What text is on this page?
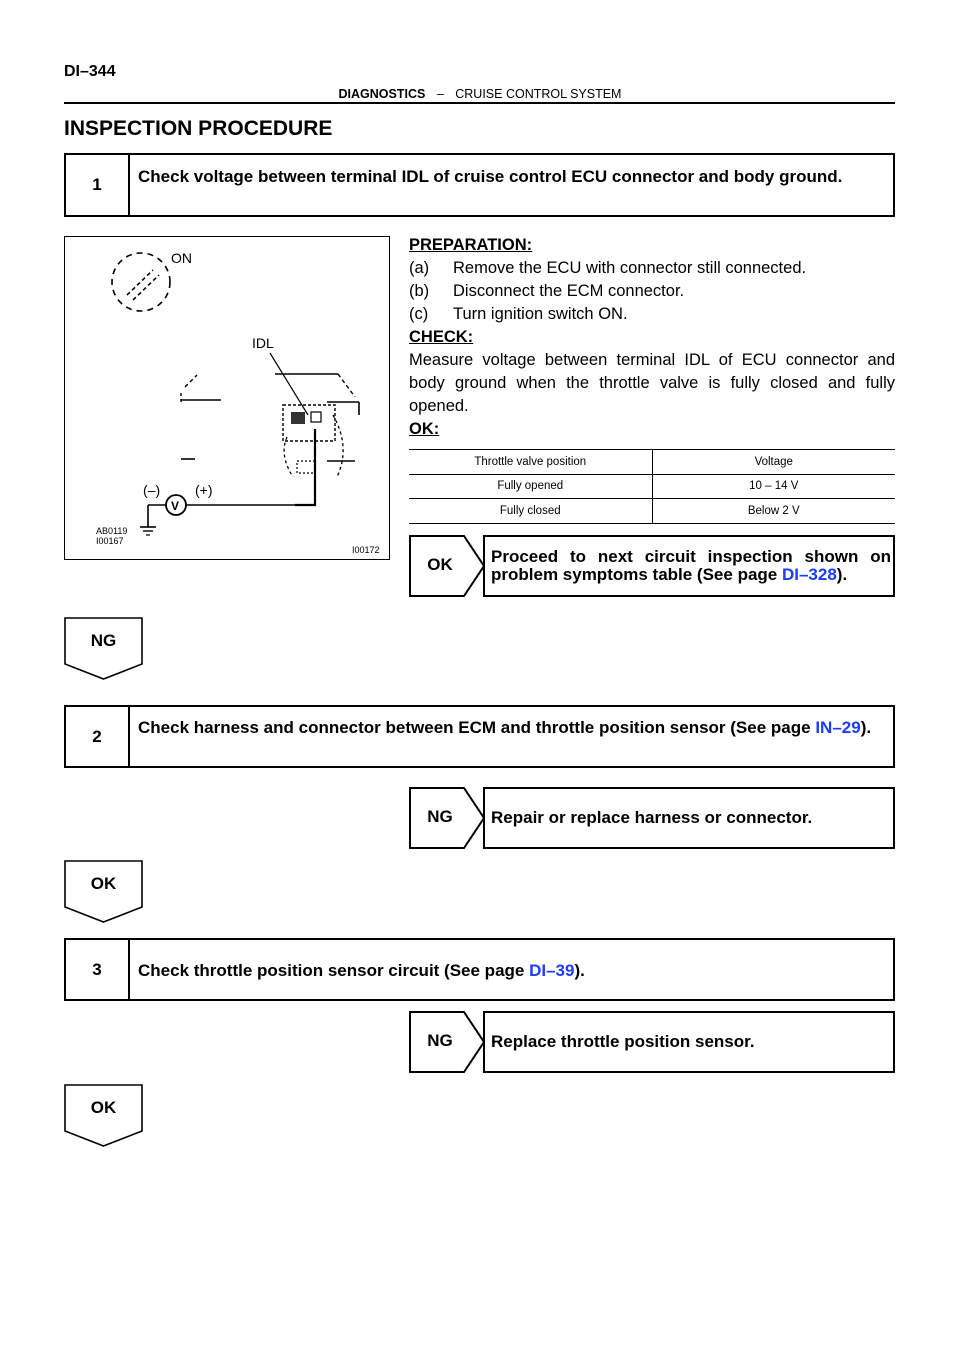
DI–344
DIAGNOSTICS – CRUISE CONTROL SYSTEM
INSPECTION PROCEDURE
1	Check voltage between terminal IDL of cruise control ECU connector and body ground.
ON
IDL
V
(–) (+)
AB0119
I00167
I00172
PREPARATION:
(a)	Remove the ECU with connector still connected.
(b)	Disconnect the ECM connector.
(c)	Turn ignition switch ON.
CHECK:
Measure voltage between terminal IDL of ECU connector and body ground when the throttle valve is fully closed and fully opened.
OK:
Throttle valve position	Voltage
Fully opened	10 – 14 V
Fully closed	Below 2 V
OK	Proceed to next circuit inspection shown on problem symptoms table (See page DI–328).
NG
2	Check harness and connector between ECM and throttle position sensor (See page IN–29).
NG	Repair or replace harness or connector.
OK
3	Check throttle position sensor circuit (See page DI–39).
NG	Replace throttle position sensor.
OK
